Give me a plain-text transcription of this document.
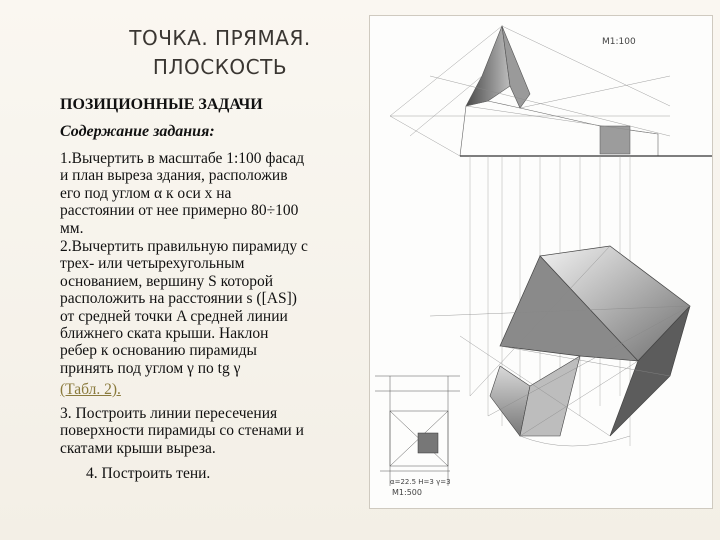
ТОЧКА. ПРЯМАЯ. ПЛОСКОСТЬ
ПОЗИЦИОННЫЕ ЗАДАЧИ
Содержание задания:
1.Вычертить в масштабе 1:100 фасад
и план выреза здания, расположив
его под углом α к оси x на
расстоянии от нее примерно 80÷100
мм.
2.Вычертить правильную пирамиду с
трех- или четырехугольным
основанием, вершину S которой
расположить на расстоянии s ([AS])
от средней точки A средней линии
ближнего ската крыши. Наклон
ребер к основанию пирамиды
принять под углом γ по tg γ
(Табл. 2).
3. Построить линии пересечения
поверхности пирамиды со стенами и
скатами крыши выреза.
4. Построить тени.
M1:100
α=22.5 H=3 γ=3
M1:500
